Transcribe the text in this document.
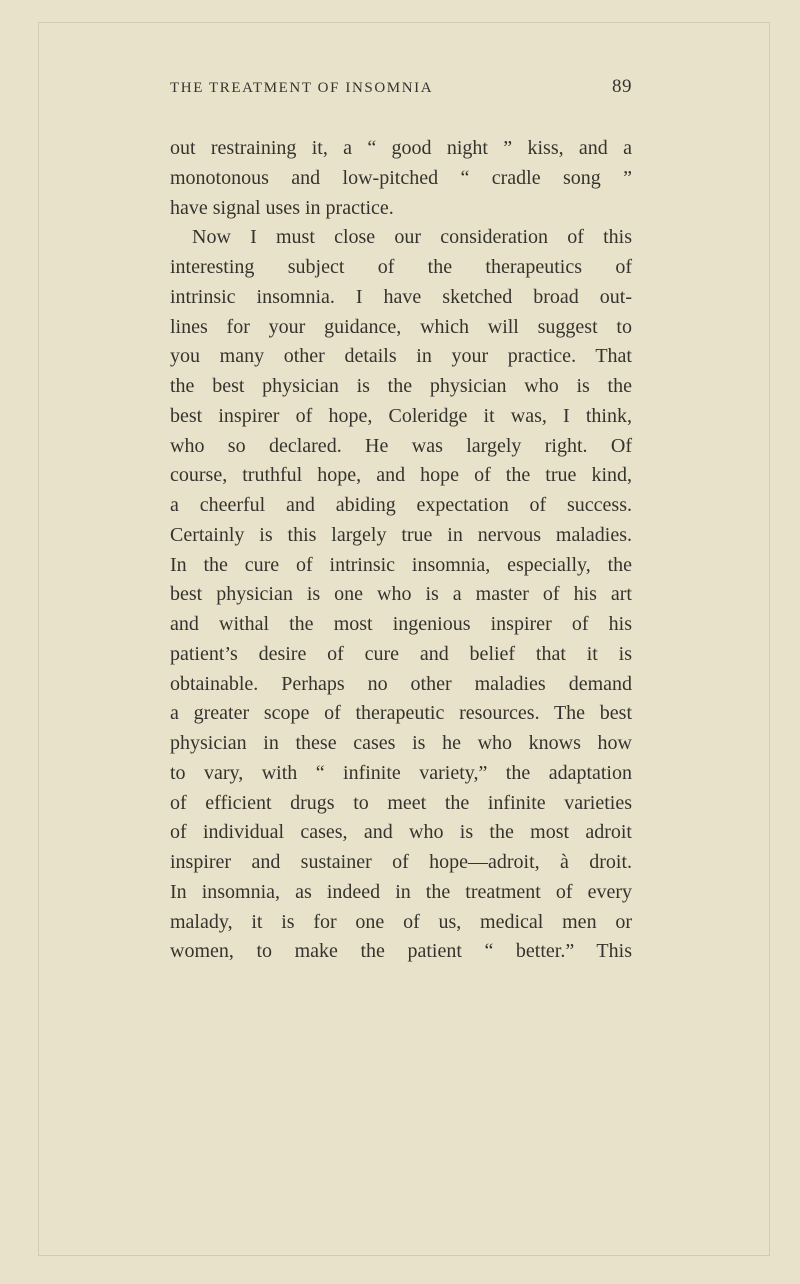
THE TREATMENT OF INSOMNIA	89
out restraining it, a “ good night ” kiss, and a
monotonous and low-pitched “ cradle song ”
have signal uses in practice.
Now I must close our consideration of this
interesting subject of the therapeutics of
intrinsic insomnia. I have sketched broad out-
lines for your guidance, which will suggest to
you many other details in your practice. That
the best physician is the physician who is the
best inspirer of hope, Coleridge it was, I think,
who so declared. He was largely right. Of
course, truthful hope, and hope of the true kind,
a cheerful and abiding expectation of success.
Certainly is this largely true in nervous maladies.
In the cure of intrinsic insomnia, especially, the
best physician is one who is a master of his art
and withal the most ingenious inspirer of his
patient’s desire of cure and belief that it is
obtainable. Perhaps no other maladies demand
a greater scope of therapeutic resources. The best
physician in these cases is he who knows how
to vary, with “ infinite variety,” the adaptation
of efficient drugs to meet the infinite varieties
of individual cases, and who is the most adroit
inspirer and sustainer of hope—adroit, à droit.
In insomnia, as indeed in the treatment of every
malady, it is for one of us, medical men or
women, to make the patient “ better.” This
